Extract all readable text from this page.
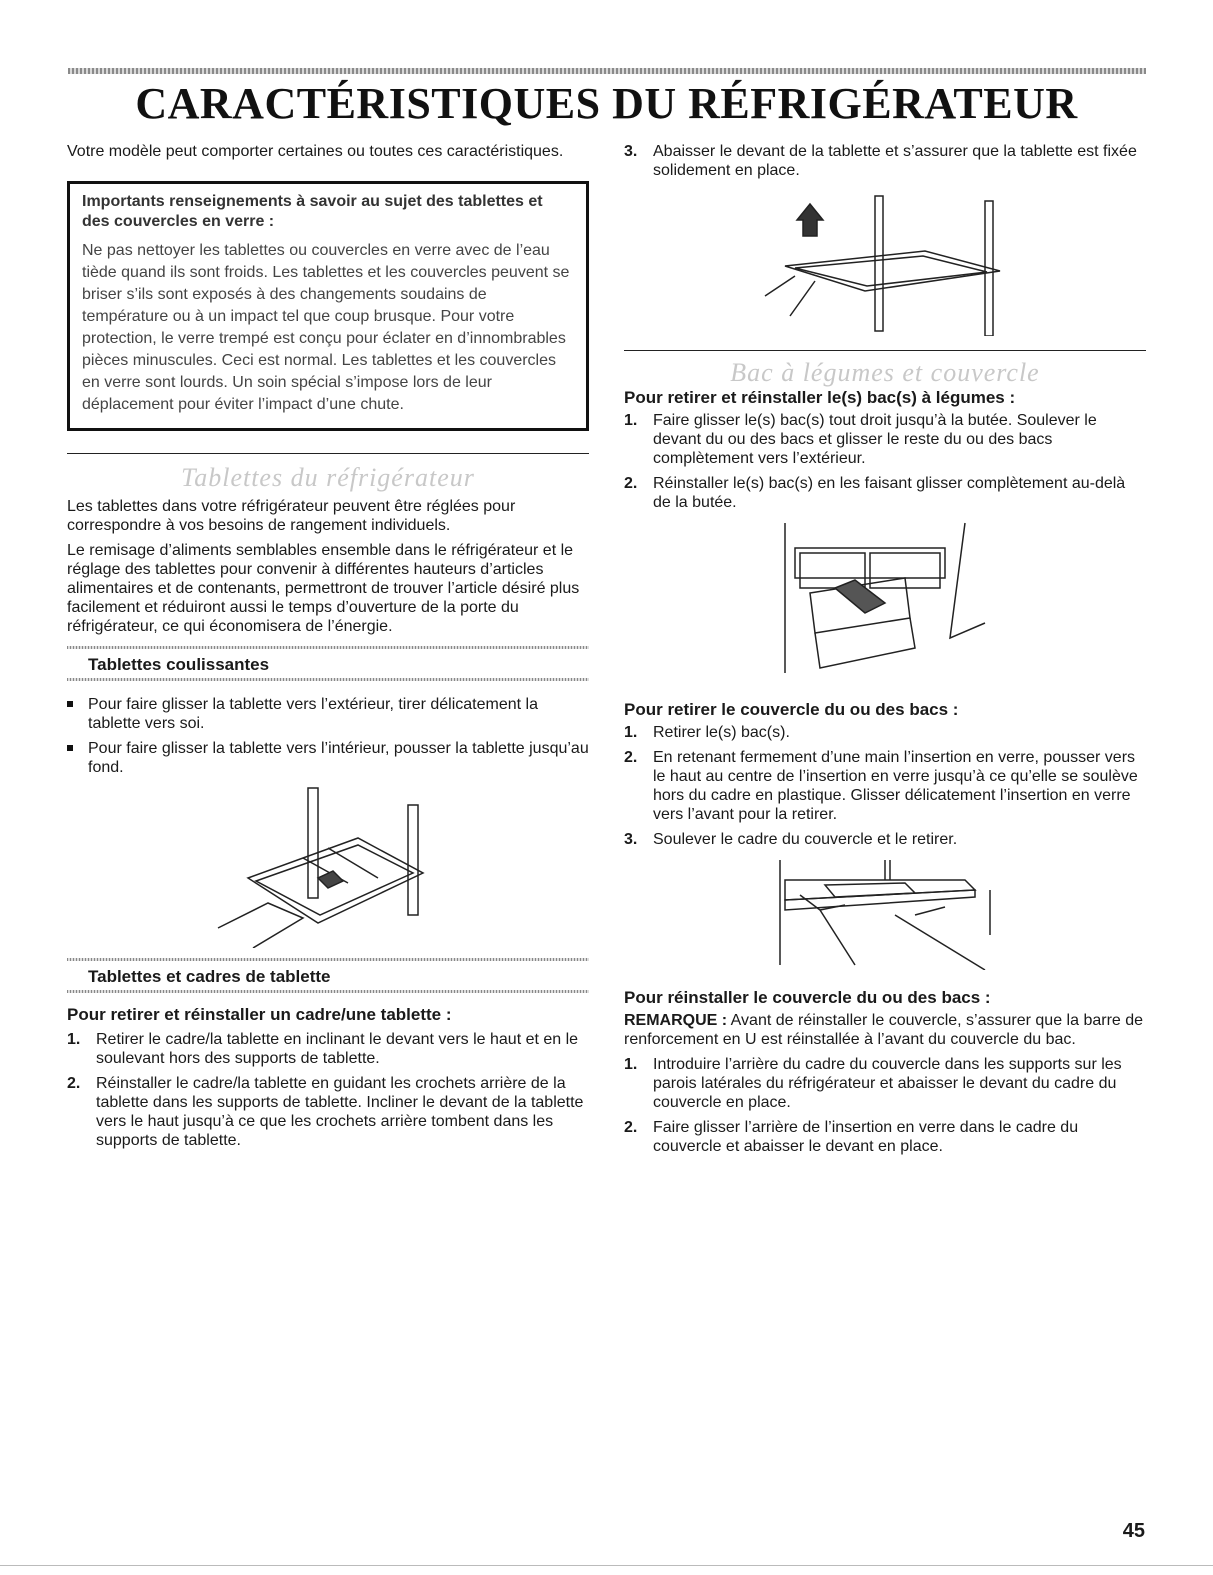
CARACTÉRISTIQUES DU RÉFRIGÉRATEUR

Votre modèle peut comporter certaines ou toutes ces caractéristiques.

Importants renseignements à savoir au sujet des tablettes et des couvercles en verre :
Ne pas nettoyer les tablettes ou couvercles en verre avec de l’eau tiède quand ils sont froids. Les tablettes et les couvercles peuvent se briser s’ils sont exposés à des changements soudains de température ou à un impact tel que coup brusque. Pour votre protection, le verre trempé est conçu pour éclater en d’innombrables pièces minuscules. Ceci est normal. Les tablettes et les couvercles en verre sont lourds. Un soin spécial s’impose lors de leur déplacement pour éviter l’impact d’une chute.
Tablettes du réfrigérateur

Les tablettes dans votre réfrigérateur peuvent être réglées pour correspondre à vos besoins de rangement individuels.

Le remisage d’aliments semblables ensemble dans le réfrigérateur et le réglage des tablettes pour convenir à différentes hauteurs d’articles alimentaires et de contenants, permettront de trouver l’article désiré plus facilement et réduiront aussi le temps d’ouverture de la porte du réfrigérateur, ce qui économisera de l’énergie.

Tablettes coulissantes
Pour faire glisser la tablette vers l’extérieur, tirer délicatement la tablette vers soi.
Pour faire glisser la tablette vers l’intérieur, pousser la tablette jusqu’au fond.
Tablettes et cadres de tablette
Pour retirer et réinstaller un cadre/une tablette :
1. Retirer le cadre/la tablette en inclinant le devant vers le haut et en le soulevant hors des supports de tablette.
2. Réinstaller le cadre/la tablette en guidant les crochets arrière de la tablette dans les supports de tablette. Incliner le devant de la tablette vers le haut jusqu’à ce que les crochets arrière tombent dans les supports de tablette.
3. Abaisser le devant de la tablette et s’assurer que la tablette est fixée solidement en place.
Bac à légumes et couvercle
Pour retirer et réinstaller le(s) bac(s) à légumes :
1. Faire glisser le(s) bac(s) tout droit jusqu’à la butée. Soulever le devant du ou des bacs et glisser le reste du ou des bacs complètement vers l’extérieur.
2. Réinstaller le(s) bac(s) en les faisant glisser complètement au-delà de la butée.
Pour retirer le couvercle du ou des bacs :
1. Retirer le(s) bac(s).
2. En retenant fermement d’une main l’insertion en verre, pousser vers le haut au centre de l’insertion en verre jusqu’à ce qu’elle se soulève hors du cadre en plastique. Glisser délicatement l’insertion en verre vers l’avant pour la retirer.
3. Soulever le cadre du couvercle et le retirer.
Pour réinstaller le couvercle du ou des bacs :

REMARQUE : Avant de réinstaller le couvercle, s’assurer que la barre de renforcement en U est réinstallée à l’avant du couvercle du bac.

1. Introduire l’arrière du cadre du couvercle dans les supports sur les parois latérales du réfrigérateur et abaisser le devant du cadre du couvercle en place.
2. Faire glisser l’arrière de l’insertion en verre dans le cadre du couvercle et abaisser le devant en place.
45
